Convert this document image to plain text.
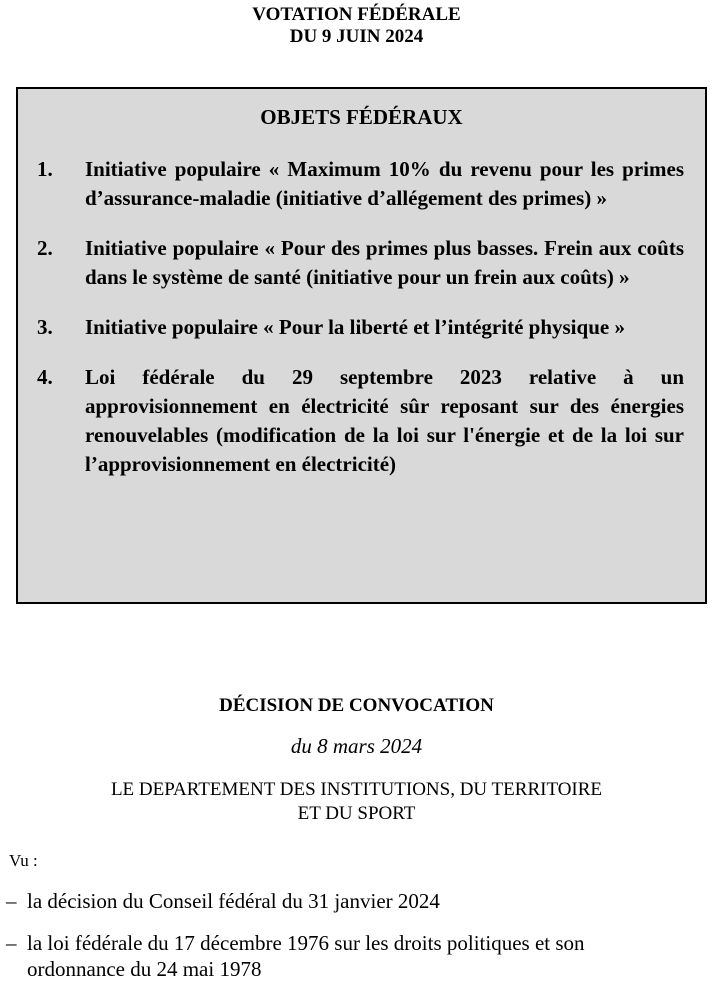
VOTATION FÉDÉRALE
DU 9 JUIN 2024
OBJETS FÉDÉRAUX
1. Initiative populaire « Maximum 10% du revenu pour les primes d’assurance-maladie (initiative d’allégement des primes) »
2. Initiative populaire « Pour des primes plus basses. Frein aux coûts dans le système de santé (initiative pour un frein aux coûts) »
3. Initiative populaire « Pour la liberté et l’intégrité physique »
4. Loi fédérale du 29 septembre 2023 relative à un approvisionnement en électricité sûr reposant sur des énergies renouvelables (modification de la loi sur l'énergie et de la loi sur l’approvisionnement en électricité)
DÉCISION DE CONVOCATION
du 8 mars 2024
LE DEPARTEMENT DES INSTITUTIONS, DU TERRITOIRE
ET DU SPORT
Vu :
– la décision du Conseil fédéral du 31 janvier 2024
– la loi fédérale du 17 décembre 1976 sur les droits politiques et son ordonnance du 24 mai 1978
